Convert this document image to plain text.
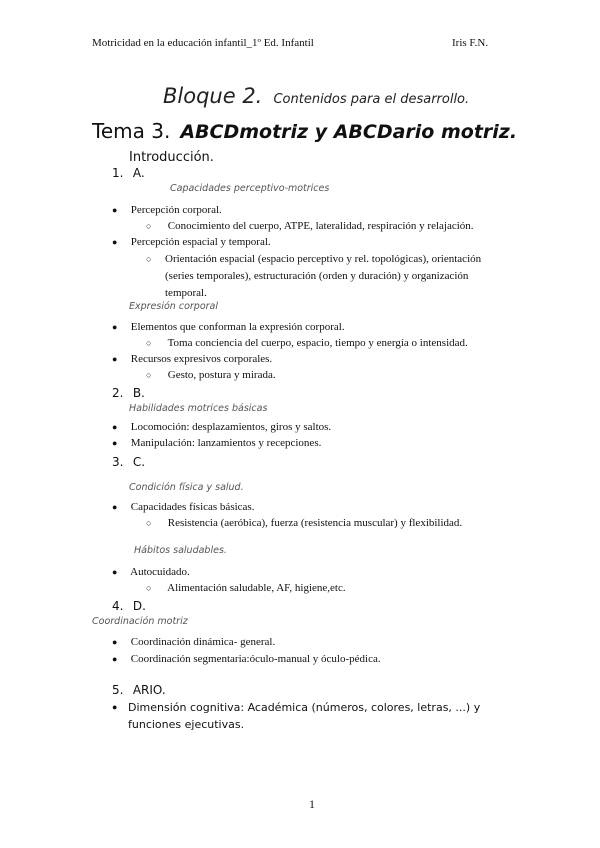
Motricidad en la educación infantil_1º Ed. Infantil	Iris F.N.
Bloque 2. Contenidos para el desarrollo.
Tema 3. ABCDmotriz y ABCDario motriz.
Introducción.
1. A.
Capacidades perceptivo-motrices
● Percepción corporal.
○ Conocimiento del cuerpo, ATPE, lateralidad, respiración y relajación.
● Percepción espacial y temporal.
○ Orientación espacial (espacio perceptivo y rel. topológicas), orientación (series temporales), estructuración (orden y duración) y organización temporal.
Expresión corporal
● Elementos que conforman la expresión corporal.
○ Toma conciencia del cuerpo, espacio, tiempo y energía o intensidad.
● Recursos expresivos corporales.
○ Gesto, postura y mirada.
2. B.
Habilidades motrices básicas
● Locomoción: desplazamientos, giros y saltos.
● Manipulación: lanzamientos y recepciones.
3. C.
Condición física y salud.
● Capacidades físicas básicas.
○ Resistencia (aeróbica), fuerza (resistencia muscular) y flexibilidad.
Hábitos saludables.
● Autocuidado.
○ Alimentación saludable, AF, higiene,etc.
4. D.
Coordinación motriz
● Coordinación dinámica- general.
● Coordinación segmentaria:óculo-manual y óculo-pédica.
5. ARIO.
● Dimensión cognitiva: Académica (números, colores, letras, ...) y funciones ejecutivas.
1
